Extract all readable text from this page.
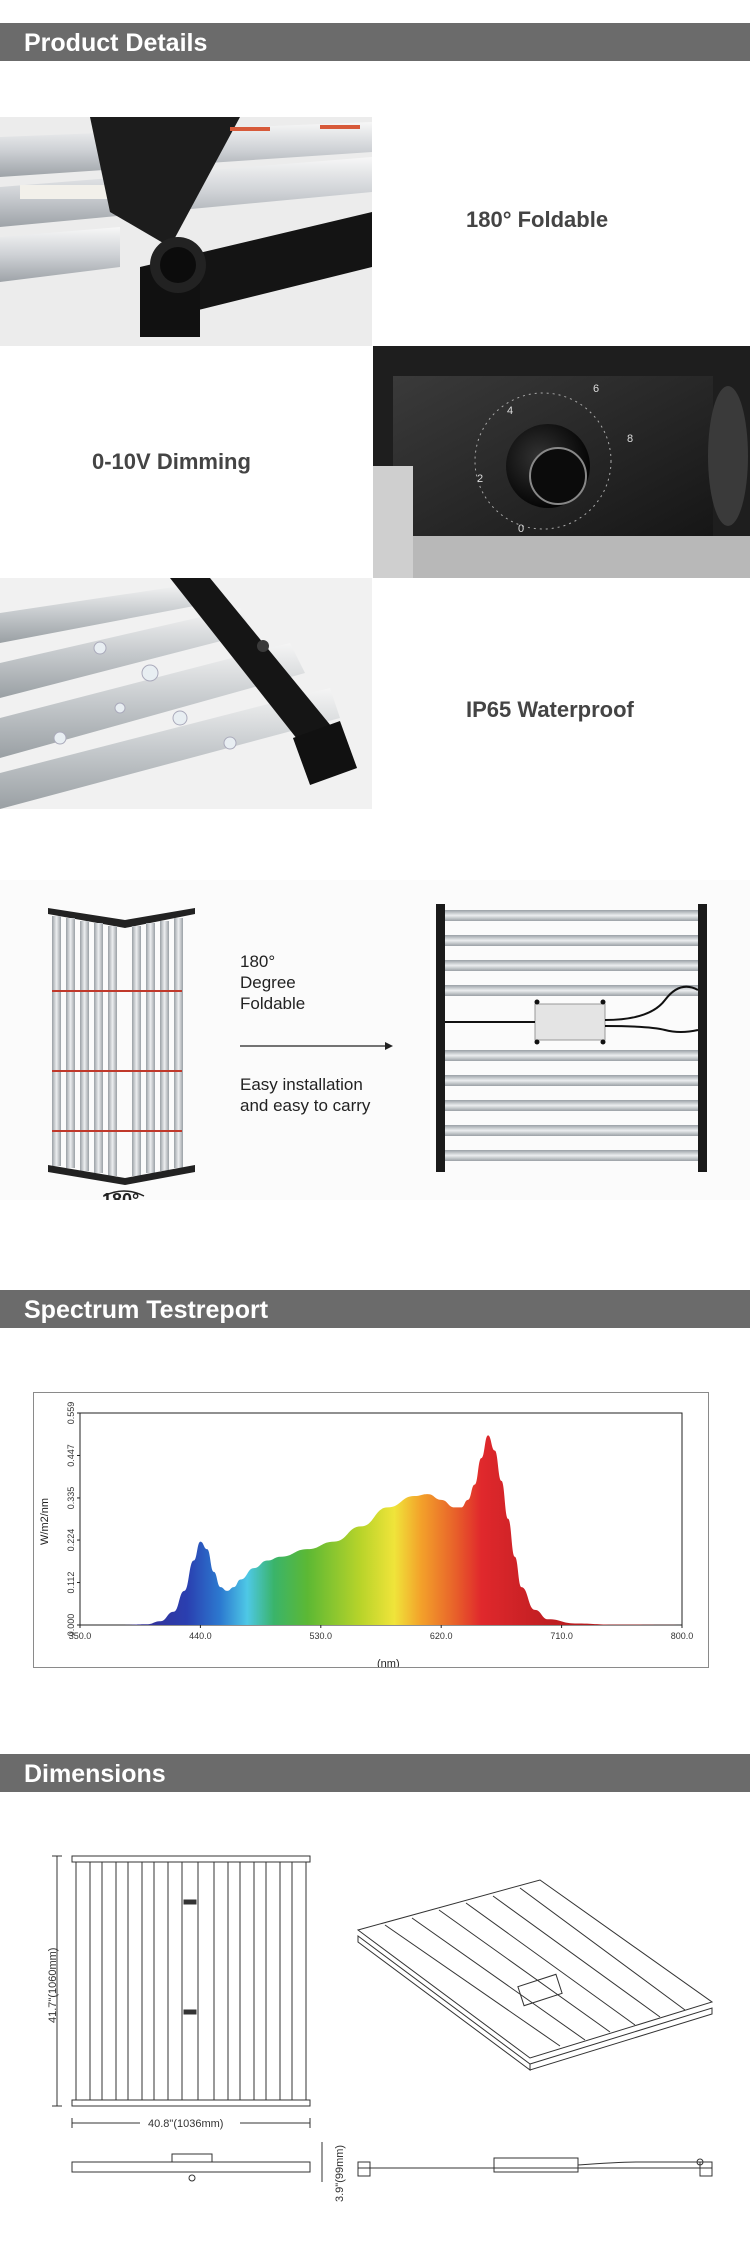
Product Details
180° Foldable
0-10V Dimming
0
2
4
6
8
IP65 Waterproof
180°
180°
Degree
Foldable
Easy installation
and easy to carry
Spectrum Testreport
350.0	440.0	530.0	620.0	710.0	800.0
0.000
0.112
0.224
0.335
0.447
0.559
W/m2/nm
(nm)
Dimensions
41.7"(1060mm)
40.8"(1036mm)
3.9"(99mm)
